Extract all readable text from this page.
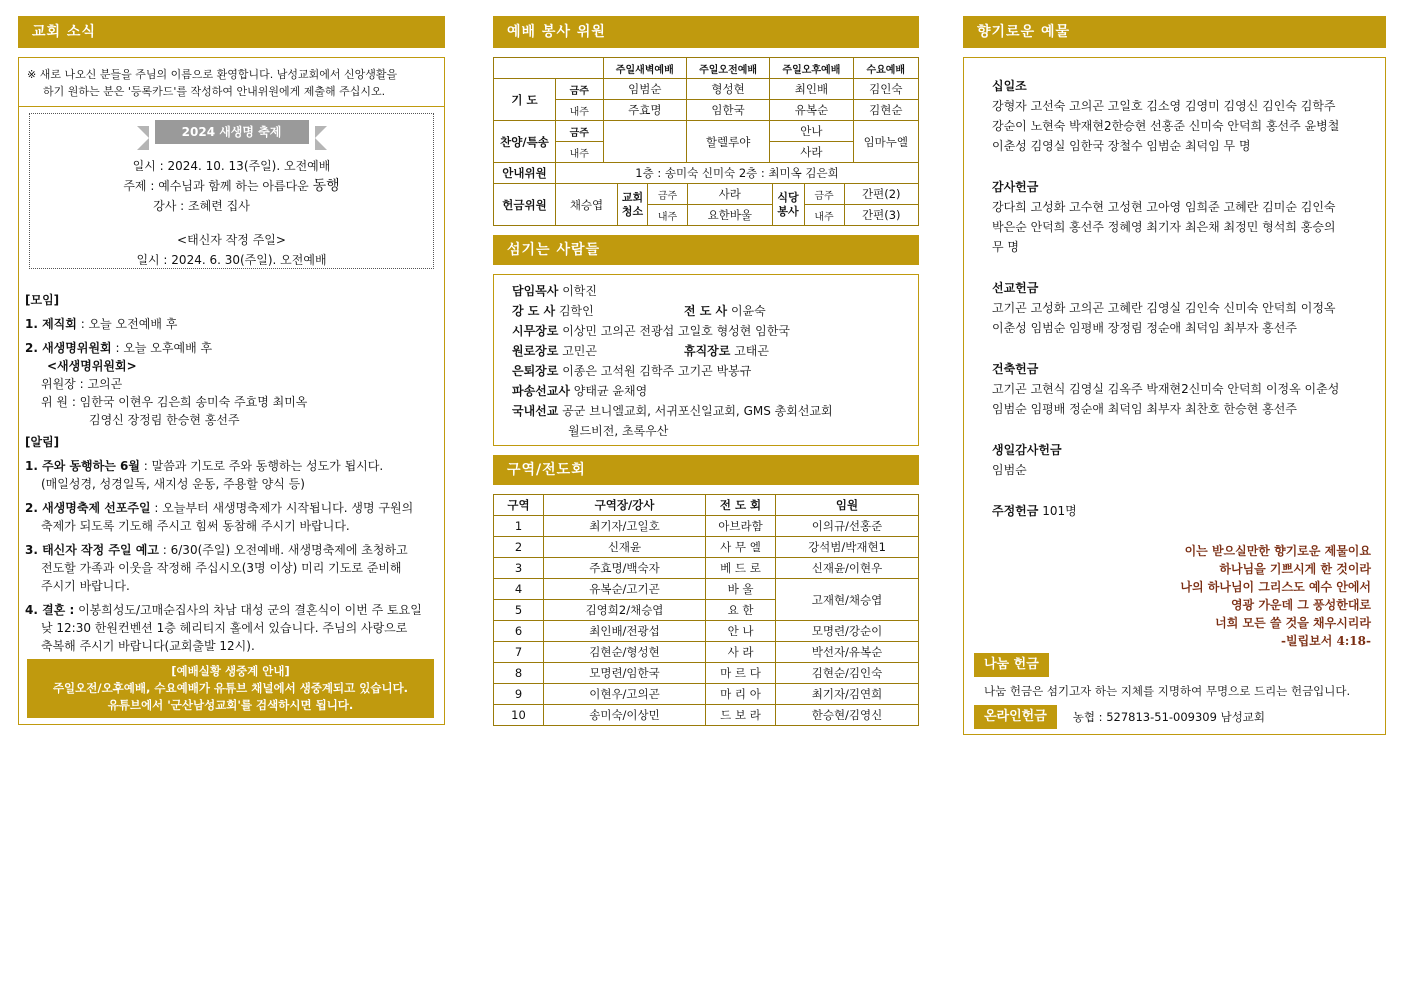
교회 소식
※ 새로 나오신 분들을 주님의 이름으로 환영합니다. 남성교회에서 신앙생활을
하기 원하는 분은 '등록카드'를 작성하여 안내위원에게 제출해 주십시오.
2024 새생명 축제
일시 : 2024. 10. 13(주일). 오전예배
주제 : 예수님과 함께 하는 아름다운 동행
강사 : 조혜련 집사
<태신자 작정 주일>
일시 : 2024. 6. 30(주일). 오전예배
[모임]
1. 제직회 : 오늘 오전예배 후
2. 새생명위원회 : 오늘 오후예배 후
<새생명위원회>
위원장 : 고의곤
위 원 : 임한국 이현우 김은희 송미숙 주효명 최미옥
김영신 장정림 한승현 홍선주
[알림]
1. 주와 동행하는 6월 : 말씀과 기도로 주와 동행하는 성도가 됩시다.
(매일성경, 성경일독, 새지성 운동, 주용할 양식 등)
2. 새생명축제 선포주일 : 오늘부터 새생명축제가 시작됩니다. 생명 구원의
축제가 되도록 기도해 주시고 힘써 동참해 주시기 바랍니다.
3. 태신자 작정 주일 예고 : 6/30(주일) 오전예배. 새생명축제에 초청하고
전도할 가족과 이웃을 작정해 주십시오(3명 이상) 미리 기도로 준비해
주시기 바랍니다.
4. 결혼 : 이봉희성도/고매순집사의 차남 대성 군의 결혼식이 이번 주 토요일
낮 12:30 한원컨벤션 1층 헤리티지 홀에서 있습니다. 주님의 사랑으로
축복해 주시기 바랍니다(교회출발 12시).
[예배실황 생중계 안내]
주일오전/오후예배, 수요예배가 유튜브 채널에서 생중계되고 있습니다.
유튜브에서 '군산남성교회'를 검색하시면 됩니다.
예배 봉사 위원
		주일새벽예배	주일오전예배	주일오후예배	수요예배
기 도	금주	임범순	형성현	최인배	김인숙
	내주	주효명	임한국	유복순	김현순
찬양/특송	금주		할렐루야	안나	임마누엘
	내주			사라	
안내위원	1층 : 송미숙 신미숙 2층 : 최미옥 김은희				
헌금위원	채승엽	교회청소	금주	사라	식당봉사	금주	간편(2)
			내주	요한바울		내주	간편(3)
섬기는 사람들
담임목사 이학진
강 도 사 김학인	전 도 사 이윤숙
시무장로 이상민 고의곤 전광섭 고일호 형성현 임한국
원로장로 고민곤	휴직장로 고태곤
은퇴장로 이종은 고석원 김학주 고기곤 박봉규
파송선교사 양태균 윤채영
국내선교 공군 브니엘교회, 서귀포신일교회, GMS 총회선교회
월드비전, 초록우산
구역/전도회
구역	구역장/강사	전 도 회	임원
1	최기자/고일호	아브라함	이의규/선홍준
2	신재윤	사 무 엘	강석범/박재현1
3	주효명/백숙자	베 드 로	신재윤/이현우
4	유복순/고기곤	바 울	고재현/채승엽
5	김영희2/채승엽	요 한	
6	최인배/전광섭	안 나	모명련/강순이
7	김현순/형성현	사 라	박선자/유복순
8	모명련/임한국	마 르 다	김현순/김인숙
9	이현우/고의곤	마 리 아	최기자/김연희
10	송미숙/이상민	드 보 라	한승현/김영신
향기로운 예물
십일조
강형자 고선숙 고의곤 고일호 김소영 김영미 김영신 김인숙 김학주
강순이 노현숙 박재현2한승현 선홍준 신미숙 안덕희 홍선주 윤병철
이춘성 김영실 임한국 장철수 임범순 최덕임 무 명
감사헌금
강다희 고성화 고수현 고성현 고아영 임희준 고혜란 김미순 김인숙
박은순 안덕희 홍선주 정혜영 최기자 최은채 최정민 형석희 홍승의
무 명
선교헌금
고기곤 고성화 고의곤 고혜란 김영실 김인숙 신미숙 안덕희 이정옥
이춘성 임범순 임평배 장정림 정순애 최덕임 최부자 홍선주
건축헌금
고기곤 고현식 김영실 김옥주 박재현2신미숙 안덕희 이정옥 이춘성
임범순 임평배 정순애 최덕임 최부자 최찬호 한승현 홍선주
생일감사헌금
임범순
주정헌금 101명
이는 받으실만한 향기로운 제물이요
하나님을 기쁘시게 한 것이라
나의 하나님이 그리스도 예수 안에서
영광 가운데 그 풍성한대로
너희 모든 쓸 것을 채우시리라
-빌립보서 4:18-
나눔 헌금
나눔 헌금은 섬기고자 하는 지체를 지명하여 무명으로 드리는 헌금입니다.
온라인헌금	농협 : 527813-51-009309 남성교회
